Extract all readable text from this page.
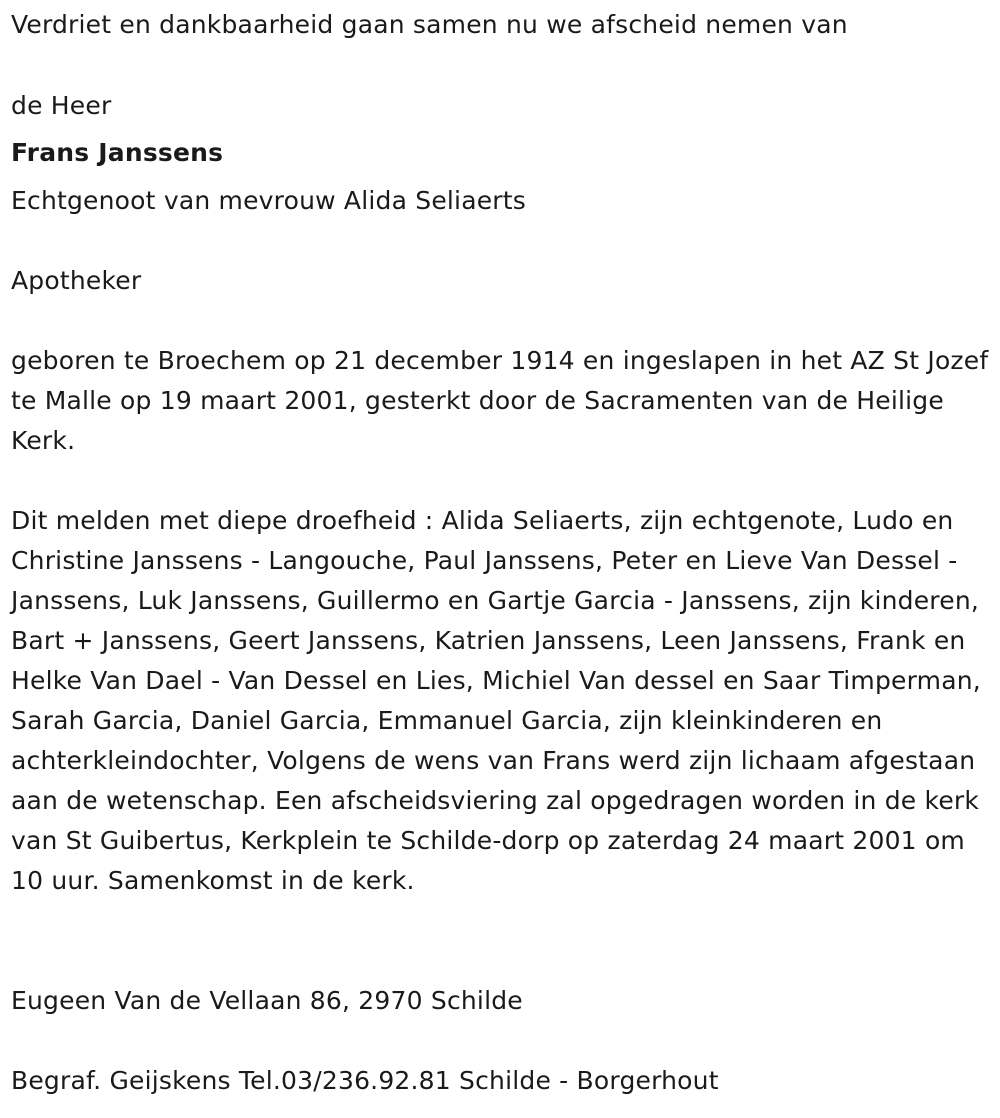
Verdriet en dankbaarheid gaan samen nu we afscheid nemen van
de Heer
Frans Janssens
Echtgenoot van mevrouw Alida Seliaerts
Apotheker

geboren te Broechem op 21 december 1914 en ingeslapen in het AZ St Jozef te Malle op 19 maart 2001, gesterkt door de Sacramenten van de Heilige Kerk.

Dit melden met diepe droefheid : Alida Seliaerts, zijn echtgenote, Ludo en Christine Janssens - Langouche, Paul Janssens, Peter en Lieve Van Dessel - Janssens, Luk Janssens, Guillermo en Gartje Garcia - Janssens, zijn kinderen, Bart + Janssens, Geert Janssens, Katrien Janssens, Leen Janssens, Frank en Helke Van Dael - Van Dessel en Lies, Michiel Van dessel en Saar Timperman, Sarah Garcia, Daniel Garcia, Emmanuel Garcia, zijn kleinkinderen en achterkleindochter, Volgens de wens van Frans werd zijn lichaam afgestaan aan de wetenschap. Een afscheidsviering zal opgedragen worden in de kerk van St Guibertus, Kerkplein te Schilde-dorp op zaterdag 24 maart 2001 om 10 uur. Samenkomst in de kerk.

Eugeen Van de Vellaan 86, 2970 Schilde
Begraf. Geijskens Tel.03/236.92.81 Schilde - Borgerhout
